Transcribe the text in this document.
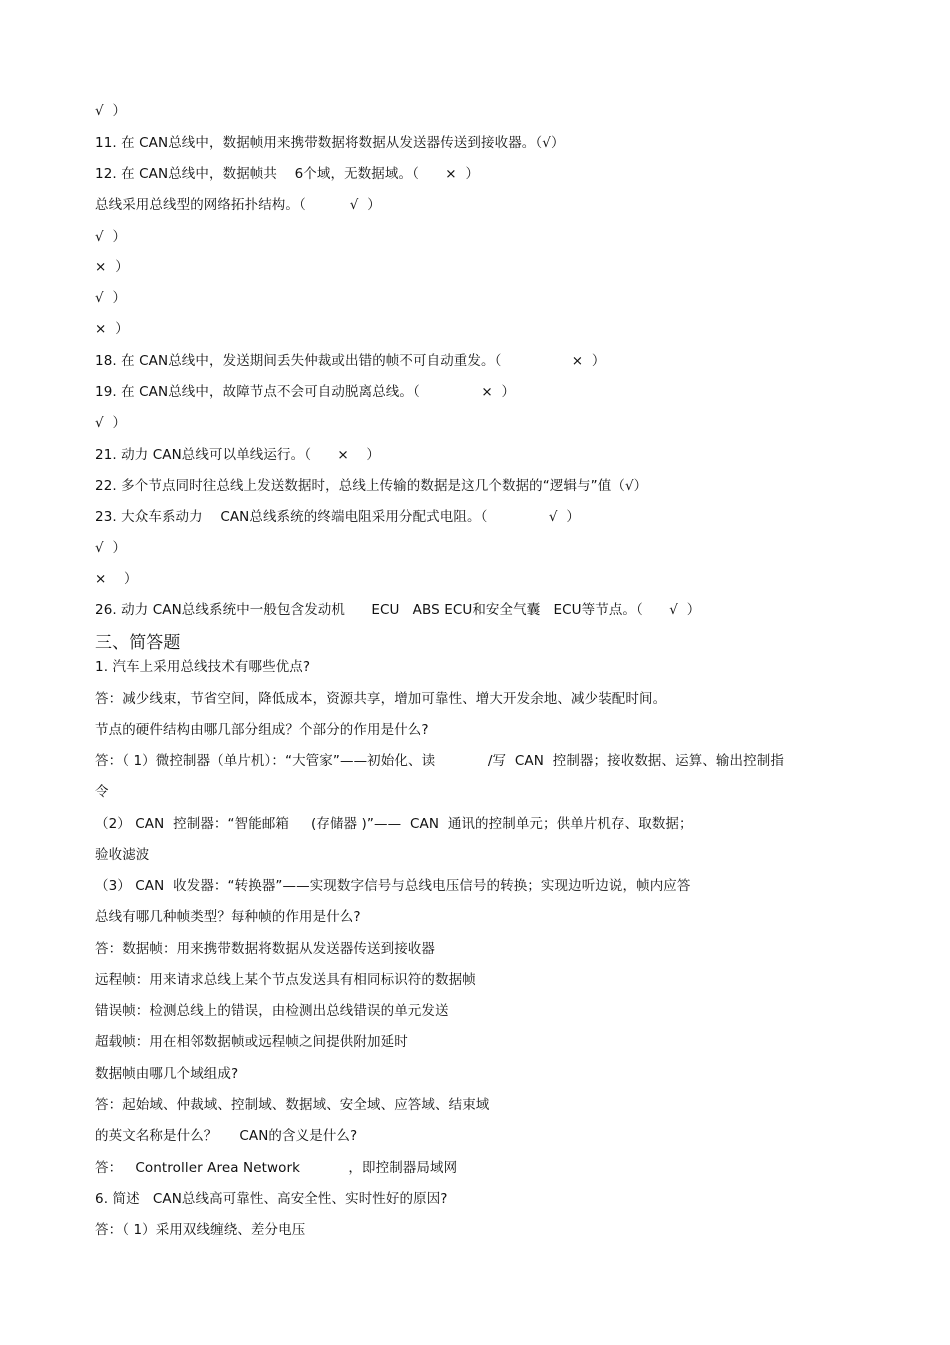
√  ）
11. 在 CAN总线中，数据帧用来携带数据将数据从发送器传送到接收器。（√）
12. 在 CAN总线中，数据帧共    6个域，无数据域。（      ×  ）
总线采用总线型的网络拓扑结构。（          √  ）
√  ）
×  ）
√  ）
×  ）
18. 在 CAN总线中，发送期间丢失仲裁或出错的帧不可自动重发。（                ×  ）
19. 在 CAN总线中，故障节点不会可自动脱离总线。（              ×  ）
√  ）
21. 动力 CAN总线可以单线运行。（      ×    ）
22. 多个节点同时往总线上发送数据时，总线上传输的数据是这几个数据的“逻辑与”值（√）
23. 大众车系动力    CAN总线系统的终端电阻采用分配式电阻。（              √  ）
√  ）
×    ）
26. 动力 CAN总线系统中一般包含发动机      ECU   ABS ECU和安全气囊   ECU等节点。（      √  ）
三、简答题
1. 汽车上采用总线技术有哪些优点?
答：减少线束，节省空间，降低成本，资源共享，增加可靠性、增大开发余地、减少装配时间。
节点的硬件结构由哪几部分组成？个部分的作用是什么?
答：（ 1）微控制器（单片机）：“大管家”——初始化、读            /写  CAN  控制器；接收数据、运算、输出控制指
令
（2） CAN  控制器：“智能邮箱     (存储器 )”——  CAN  通讯的控制单元；供单片机存、取数据；
验收滤波
（3） CAN  收发器：“转换器”——实现数字信号与总线电压信号的转换；实现边听边说，帧内应答
总线有哪几种帧类型？每种帧的作用是什么?
答：数据帧：用来携带数据将数据从发送器传送到接收器
远程帧：用来请求总线上某个节点发送具有相同标识符的数据帧
错误帧：检测总线上的错误，由检测出总线错误的单元发送
超载帧：用在相邻数据帧或远程帧之间提供附加延时
数据帧由哪几个域组成?
答：起始域、仲裁域、控制域、数据域、安全域、应答域、结束域
的英文名称是什么？     CAN的含义是什么?
答：   Controller Area Network           ，即控制器局域网
6. 简述   CAN总线高可靠性、高安全性、实时性好的原因?
答：（ 1）采用双线缠绕、差分电压
